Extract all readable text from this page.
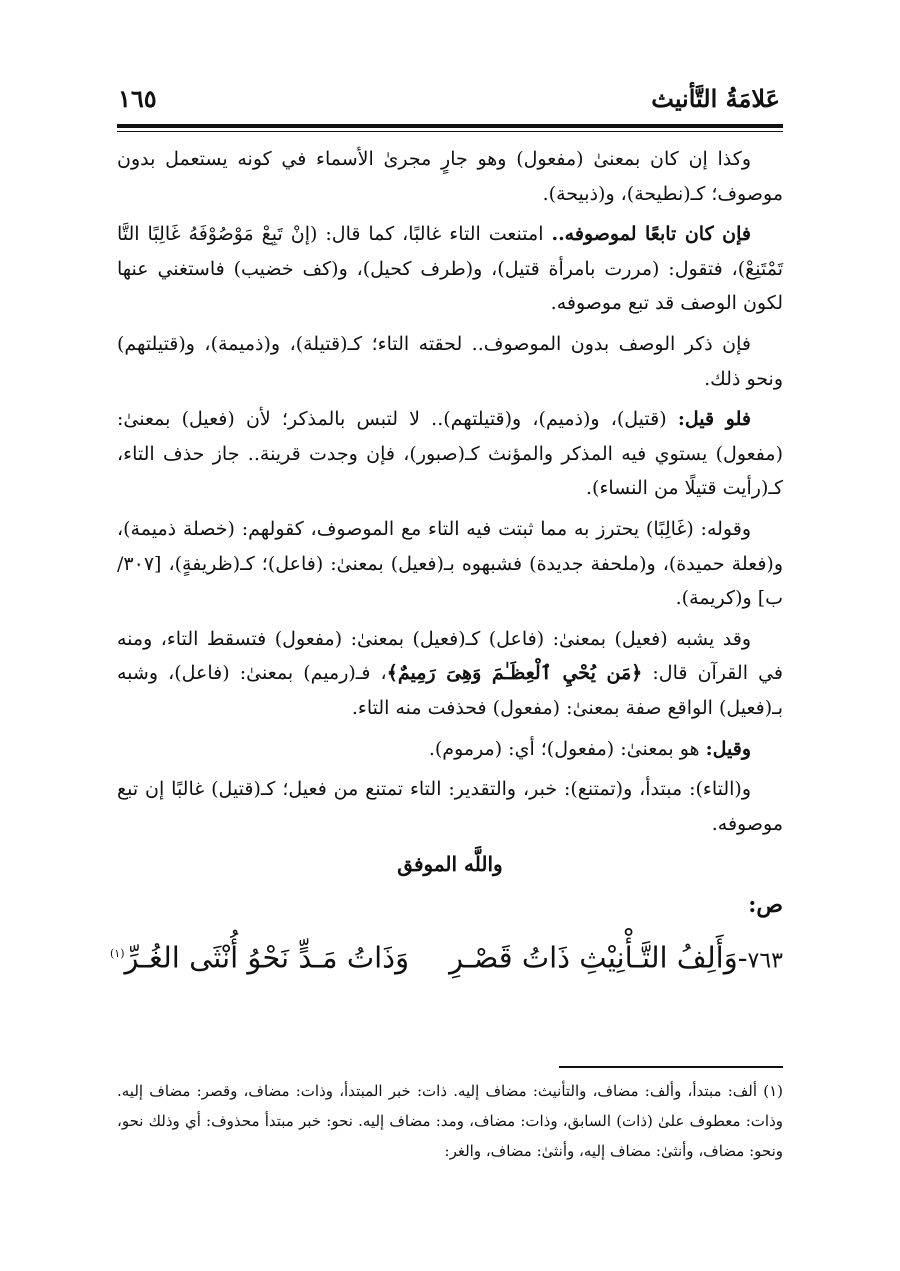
عَلامَةُ التَّأنيث
١٦٥

وكذا إن كان بمعنىٰ (مفعول) وهو جارٍ مجرىٰ الأسماء في كونه يستعمل بدون موصوف؛ كـ(نطيحة)، و(ذبيحة).

فإن كان تابعًا لموصوفه.. امتنعت التاء غالبًا، كما قال: (إنْ تَبِعْ مَوْصُوْفَهُ غَالِبًا التَّا تَمْتَنِعْ)، فتقول: (مررت بامرأة قتيل)، و(طرف كحيل)، و(كف خضيب) فاستغني عنها لكون الوصف قد تبع موصوفه.

فإن ذكر الوصف بدون الموصوف.. لحقته التاء؛ كـ(قتيلة)، و(ذميمة)، و(قتيلتهم) ونحو ذلك.

فلو قيل: (قتيل)، و(ذميم)، و(قتيلتهم).. لا لتبس بالمذكر؛ لأن (فعيل) بمعنىٰ: (مفعول) يستوي فيه المذكر والمؤنث كـ(صبور)، فإن وجدت قرينة.. جاز حذف التاء، كـ(رأيت قتيلًا من النساء).

وقوله: (غَالِبًا) يحترز به مما ثبتت فيه التاء مع الموصوف، كقولهم: (خصلة ذميمة)، و(فعلة حميدة)، و(ملحفة جديدة) فشبهوه بـ(فعيل) بمعنىٰ: (فاعل)؛ كـ(ظريفةٍ)، [٣٠٧/ب] و(كريمة).

وقد يشبه (فعيل) بمعنىٰ: (فاعل) كـ(فعيل) بمعنىٰ: (مفعول) فتسقط التاء، ومنه في القرآن قال: ﴿مَن يُحْيِ ٱلْعِظَـٰمَ وَهِىَ رَمِيمٌ﴾، فـ(رميم) بمعنىٰ: (فاعل)، وشبه بـ(فعيل) الواقع صفة بمعنىٰ: (مفعول) فحذفت منه التاء.

وقيل: هو بمعنىٰ: (مفعول)؛ أي: (مرموم).

و(التاء): مبتدأ، و(تمتنع): خبر، والتقدير: التاء تمتنع من فعيل؛ كـ(قتيل) غالبًا إن تبع موصوفه.

واللَّه الموفق

ص:

٧٦٣-وَأَلِفُ التَّـأْنِيْثِ ذَاتُ قَصْـرِوَذَاتُ مَـدٍّ نَحْوُ أُنْثَى الغُـرِّ$^{(١)}$

(١) ألف: مبتدأ، وألف: مضاف، والتأنيث: مضاف إليه. ذات: خبر المبتدأ، وذات: مضاف، وقصر: مضاف إليه. وذات: معطوف علىٰ (ذات) السابق، وذات: مضاف، ومد: مضاف إليه. نحو: خبر مبتدأ محذوف: أي وذلك نحو، ونحو: مضاف، وأنثىٰ: مضاف إليه، وأنثىٰ: مضاف، والغر:
